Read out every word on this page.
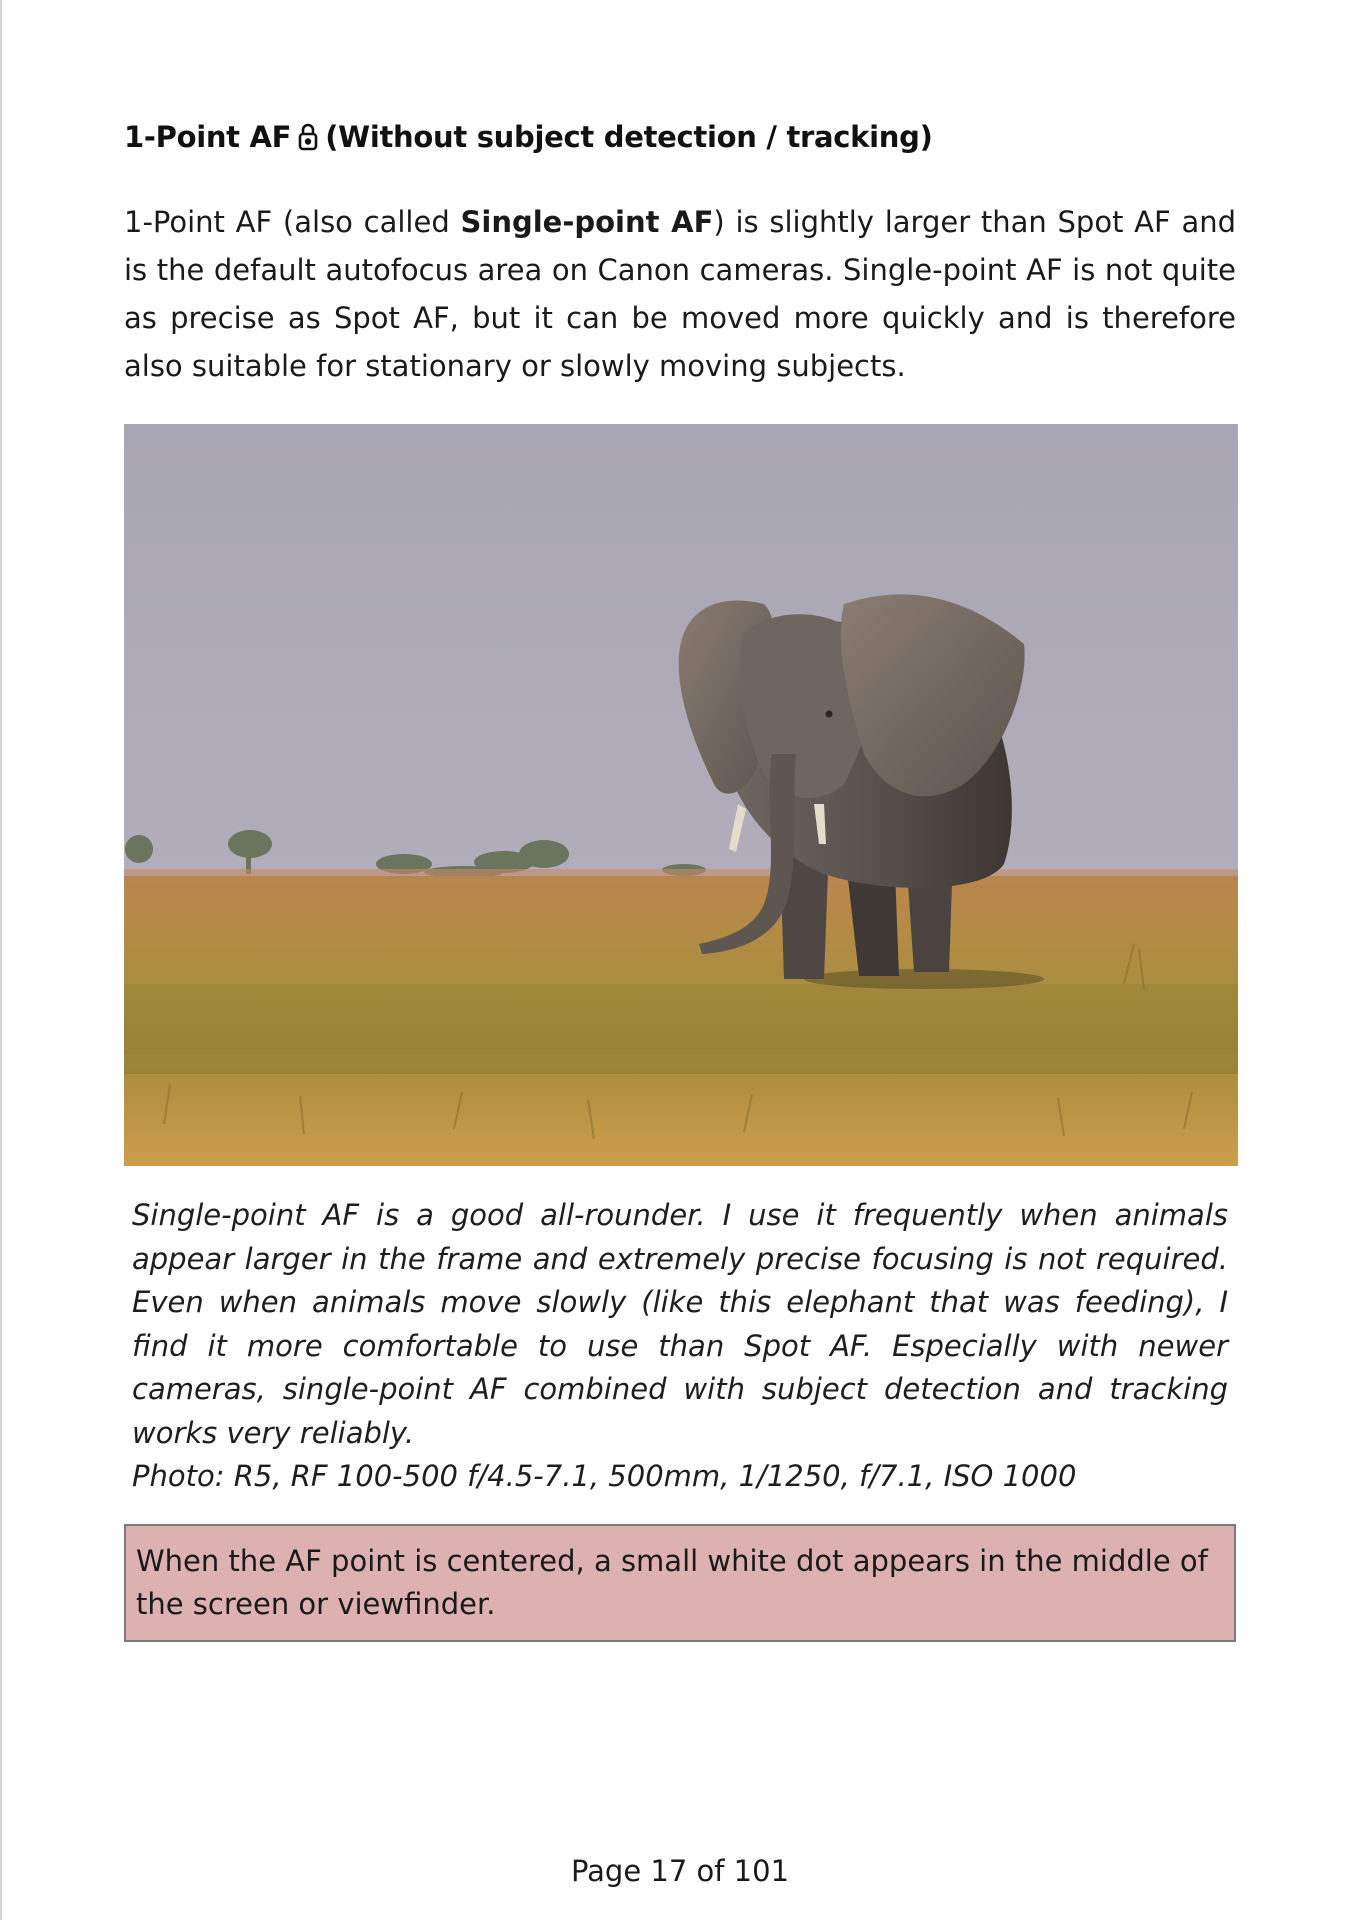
1-Point AF (Without subject detection / tracking)

1-Point AF (also called Single-point AF) is slightly larger than Spot AF and is the default autofocus area on Canon cameras. Single-point AF is not quite as precise as Spot AF, but it can be moved more quickly and is therefore also suitable for stationary or slowly moving subjects.

Single-point AF is a good all-rounder. I use it frequently when animals appear larger in the frame and extremely precise focusing is not required. Even when animals move slowly (like this elephant that was feeding), I find it more comfortable to use than Spot AF. Especially with newer cameras, single-point AF combined with subject detection and tracking works very reliably.
Photo: R5, RF 100-500 f/4.5-7.1, 500mm, 1/1250, f/7.1, ISO 1000

When the AF point is centered, a small white dot appears in the middle of the screen or viewfinder.
Page 17 of 101
